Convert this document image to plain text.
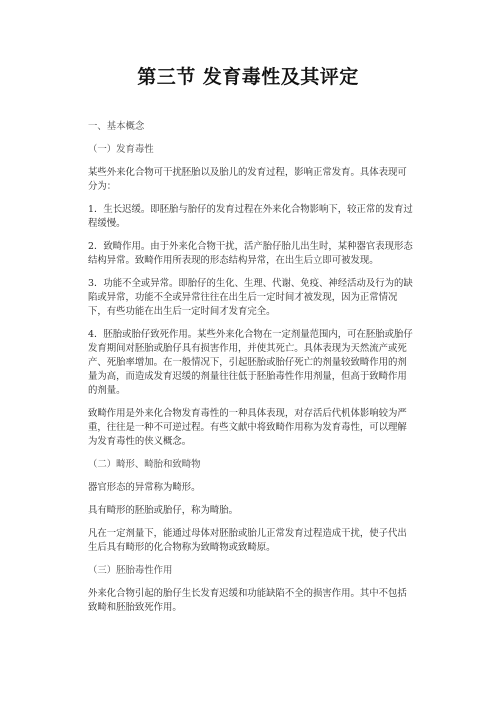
第三节 发育毒性及其评定

一、基本概念

（一）发育毒性

某些外来化合物可干扰胚胎以及胎儿的发育过程，影响正常发育。具体表现可分为：

1．生长迟缓。即胚胎与胎仔的发育过程在外来化合物影响下，较正常的发育过程缓慢。

2．致畸作用。由于外来化合物干扰，活产胎仔胎儿出生时，某种器官表现形态结构异常。致畸作用所表现的形态结构异常，在出生后立即可被发现。

3．功能不全或异常。即胎仔的生化、生理、代谢、免疫、神经活动及行为的缺陷或异常，功能不全或异常往往在出生后一定时间才被发现，因为正常情况下，有些功能在出生后一定时间才发育完全。

4．胚胎或胎仔致死作用。某些外来化合物在一定剂量范围内，可在胚胎或胎仔发育期间对胚胎或胎仔具有损害作用，并使其死亡。具体表现为天然流产或死产、死胎率增加。在一般情况下，引起胚胎或胎仔死亡的剂量较致畸作用的剂量为高，而造成发育迟缓的剂量往往低于胚胎毒性作用剂量，但高于致畸作用的剂量。

致畸作用是外来化合物发育毒性的一种具体表现，对存活后代机体影响较为严重，往往是一种不可逆过程。有些文献中将致畸作用称为发育毒性，可以理解为发育毒性的侠义概念。

（二）畸形、畸胎和致畸物

器官形态的异常称为畸形。

具有畸形的胚胎或胎仔，称为畸胎。

凡在一定剂量下，能通过母体对胚胎或胎儿正常发育过程造成干扰，使子代出生后具有畸形的化合物称为致畸物或致畸原。

（三）胚胎毒性作用

外来化合物引起的胎仔生长发育迟缓和功能缺陷不全的损害作用。其中不包括致畸和胚胎致死作用。
